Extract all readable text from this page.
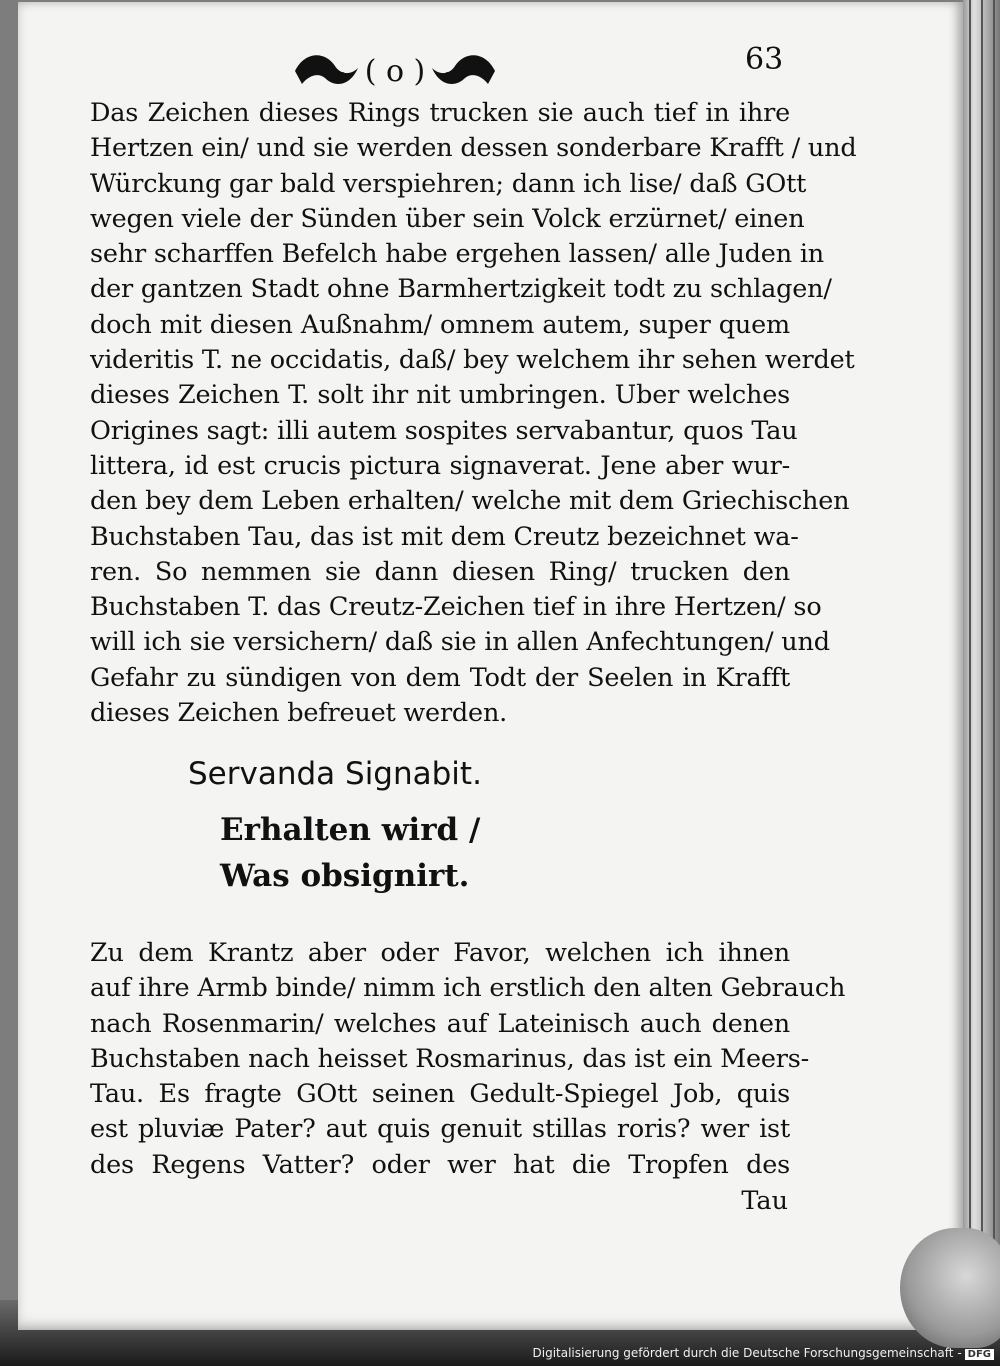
( o )	63
Das Zeichen dieses Rings trucken sie auch tief in ihre
Hertzen ein/ und sie werden dessen sonderbare Krafft / und
Würckung gar bald verspiehren; dann ich lise/ daß GOtt
wegen viele der Sünden über sein Volck erzürnet/ einen
sehr scharffen Befelch habe ergehen lassen/ alle Juden in
der gantzen Stadt ohne Barmhertzigkeit todt zu schlagen/
doch mit diesen Außnahm/ omnem autem, super quem
videritis T. ne occidatis, daß/ bey welchem ihr sehen werdet
dieses Zeichen T. solt ihr nit umbringen. Uber welches
Origines sagt: illi autem sospites servabantur, quos Tau
littera, id est crucis pictura signaverat. Jene aber wur-
den bey dem Leben erhalten/ welche mit dem Griechischen
Buchstaben Tau, das ist mit dem Creutz bezeichnet wa-
ren. So nemmen sie dann diesen Ring/ trucken den
Buchstaben T. das Creutz-Zeichen tief in ihre Hertzen/ so
will ich sie versichern/ daß sie in allen Anfechtungen/ und
Gefahr zu sündigen von dem Todt der Seelen in Krafft
dieses Zeichen befreuet werden.
Servanda Signabit.
Erhalten wird /
Was obsignirt.
Zu dem Krantz aber oder Favor, welchen ich ihnen
auf ihre Armb binde/ nimm ich erstlich den alten Gebrauch
nach Rosenmarin/ welches auf Lateinisch auch denen
Buchstaben nach heisset Rosmarinus, das ist ein Meers-
Tau. Es fragte GOtt seinen Gedult-Spiegel Job, quis
est pluviæ Pater? aut quis genuit stillas roris? wer ist
des Regens Vatter? oder wer hat die Tropfen des
Tau
Digitalisierung gefördert durch die Deutsche Forschungsgemeinschaft - DFG
